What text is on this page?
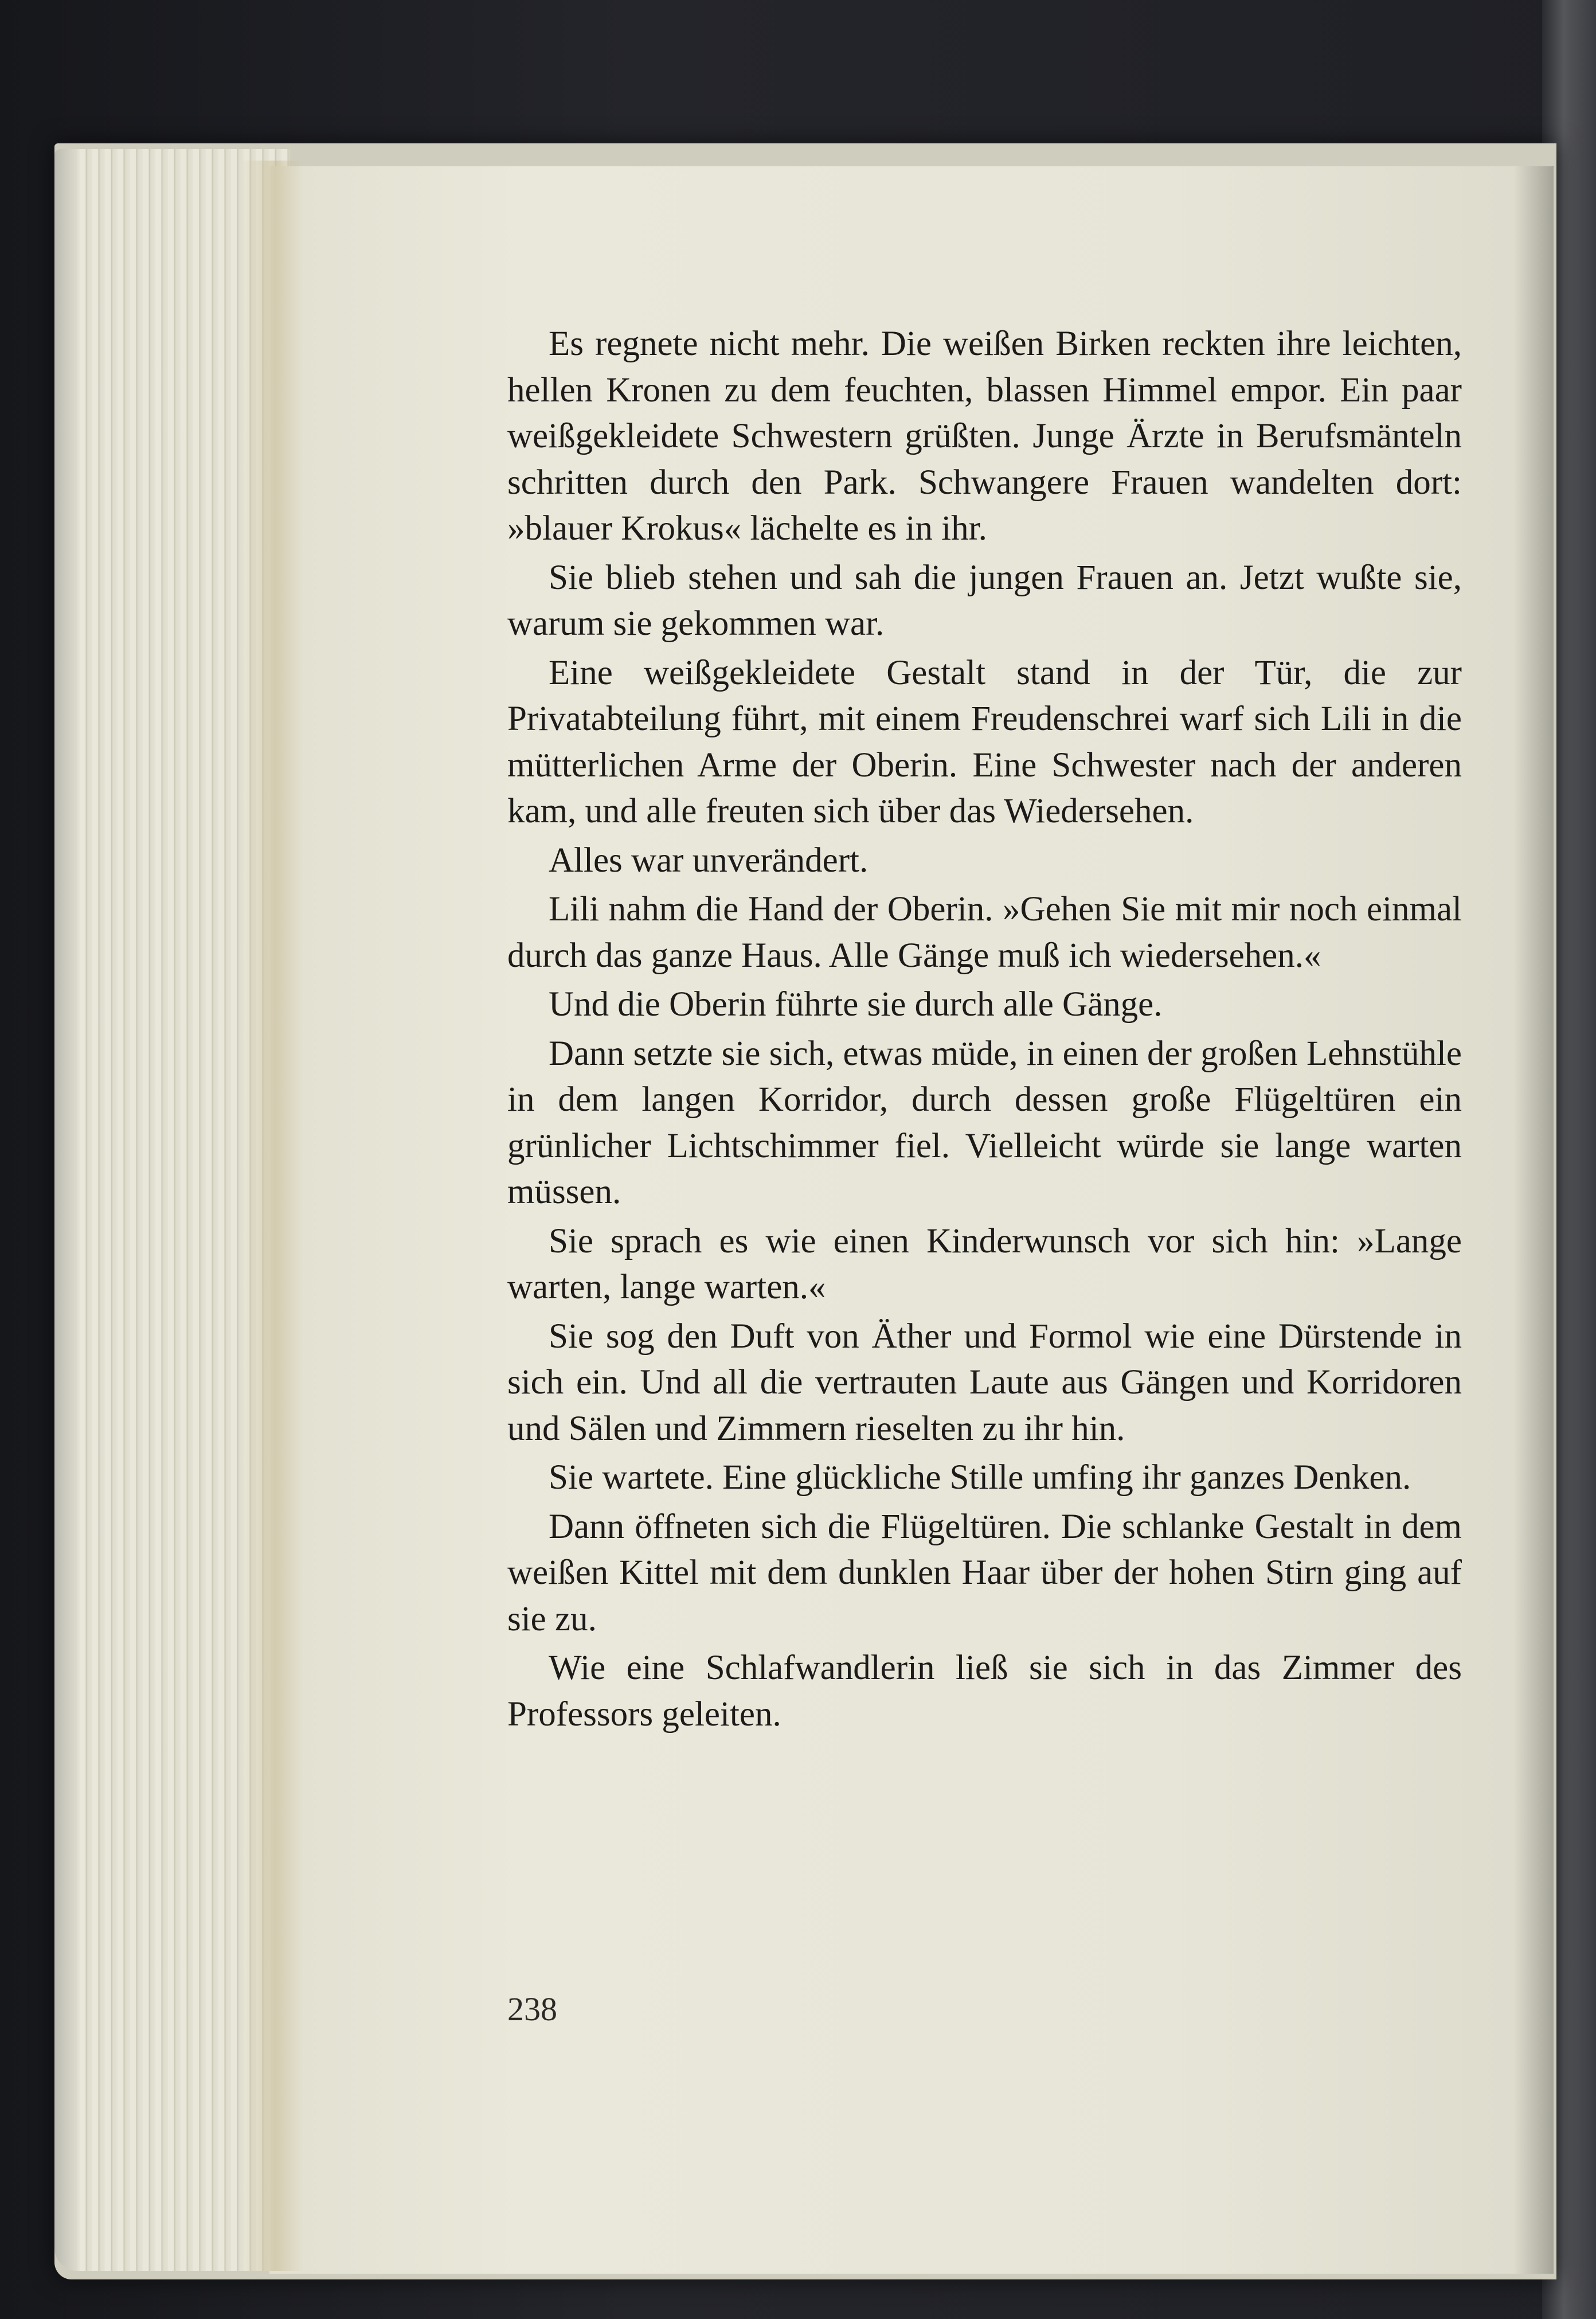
Es regnete nicht mehr. Die weißen Birken reckten ihre leichten, hellen Kronen zu dem feuchten, blassen Himmel empor. Ein paar weißgekleidete Schwestern grüßten. Junge Ärzte in Berufsmänteln schritten durch den Park. Schwangere Frauen wandelten dort: »blauer Krokus« lächelte es in ihr.

Sie blieb stehen und sah die jungen Frauen an. Jetzt wußte sie, warum sie gekommen war.

Eine weißgekleidete Gestalt stand in der Tür, die zur Privatabteilung führt, mit einem Freudenschrei warf sich Lili in die mütterlichen Arme der Oberin. Eine Schwester nach der anderen kam, und alle freuten sich über das Wiedersehen.

Alles war unverändert.

Lili nahm die Hand der Oberin. »Gehen Sie mit mir noch einmal durch das ganze Haus. Alle Gänge muß ich wiedersehen.«

Und die Oberin führte sie durch alle Gänge.

Dann setzte sie sich, etwas müde, in einen der großen Lehnstühle in dem langen Korridor, durch dessen große Flügeltüren ein grünlicher Lichtschimmer fiel. Vielleicht würde sie lange warten müssen.

Sie sprach es wie einen Kinderwunsch vor sich hin: »Lange warten, lange warten.«

Sie sog den Duft von Äther und Formol wie eine Dürstende in sich ein. Und all die vertrauten Laute aus Gängen und Korridoren und Sälen und Zimmern rieselten zu ihr hin.

Sie wartete. Eine glückliche Stille umfing ihr ganzes Denken.

Dann öffneten sich die Flügeltüren. Die schlanke Gestalt in dem weißen Kittel mit dem dunklen Haar über der hohen Stirn ging auf sie zu.

Wie eine Schlafwandlerin ließ sie sich in das Zimmer des Professors geleiten.

238
